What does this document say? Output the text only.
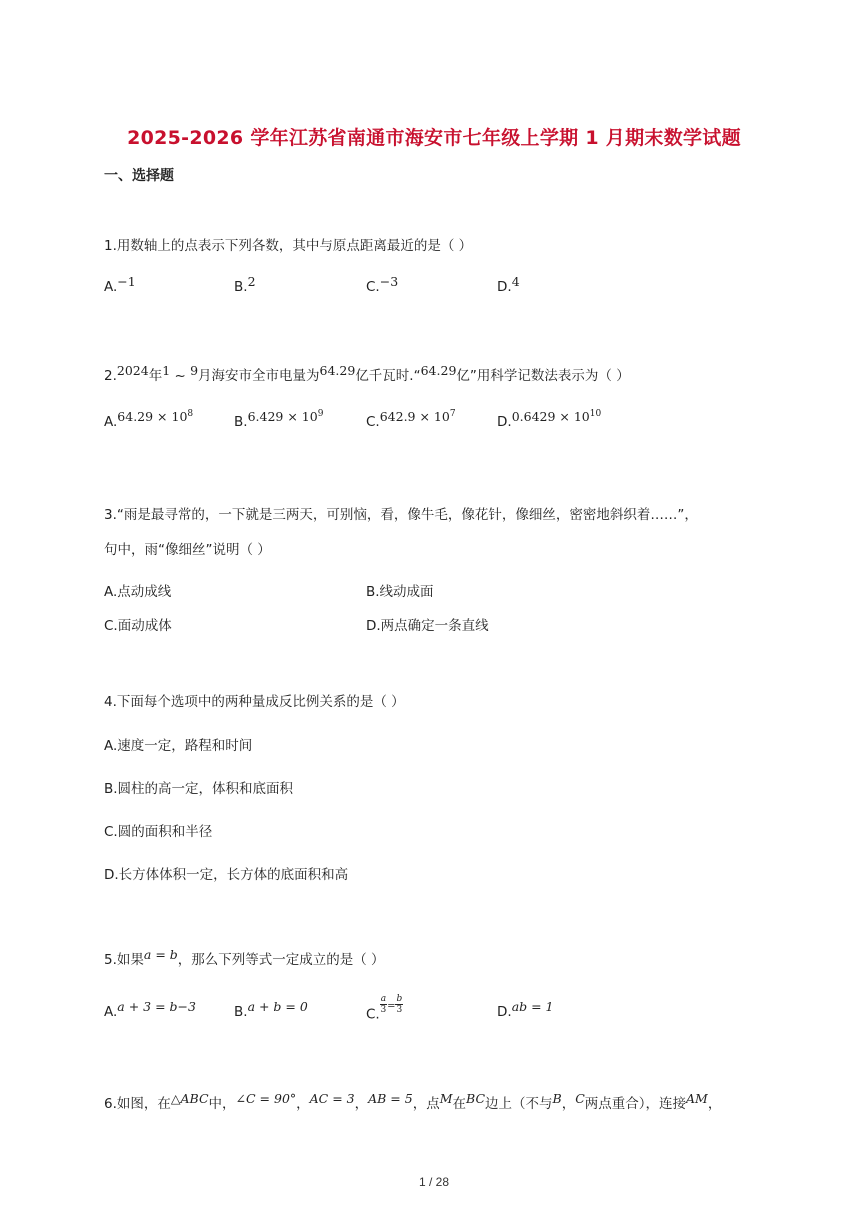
2025-2026 学年江苏省南通市海安市七年级上学期 1 月期末数学试题
一、选择题
1.用数轴上的点表示下列各数，其中与原点距离最近的是（ ）
A.−1	B.2	C.−3	D.4
2.2024年1 ~ 9月海安市全市电量为64.29亿千瓦时.“64.29亿”用科学记数法表示为（ ）
$A.64.29 \times 10^8$
$B.6.429 \times 10^9$
$C.642.9 \times 10^7$
$D.0.6429 \times 10^{10}$
3.“雨是最寻常的，一下就是三两天，可别恼，看，像牛毛，像花针，像细丝，密密地斜织着……”，
句中，雨“像细丝”说明（ ）
A.点动成线	B.线动成面
C.面动成体	D.两点确定一条直线
4.下面每个选项中的两种量成反比例关系的是（ ）
A.速度一定，路程和时间
B.圆柱的高一定，体积和底面积
C.圆的面积和半径
D.长方体体积一定，长方体的底面积和高
5.如果a = b，那么下列等式一定成立的是（ ）
A.a + 3 = b−3	B.a + b = 0	C. $\frac{a}{3} ^= \frac{b}{3}$	D.ab = 1
6.如图，在△ABC中，∠C = 90°，AC = 3，AB = 5，点M在BC边上（不与B，C两点重合），连接AM，
1 / 28
